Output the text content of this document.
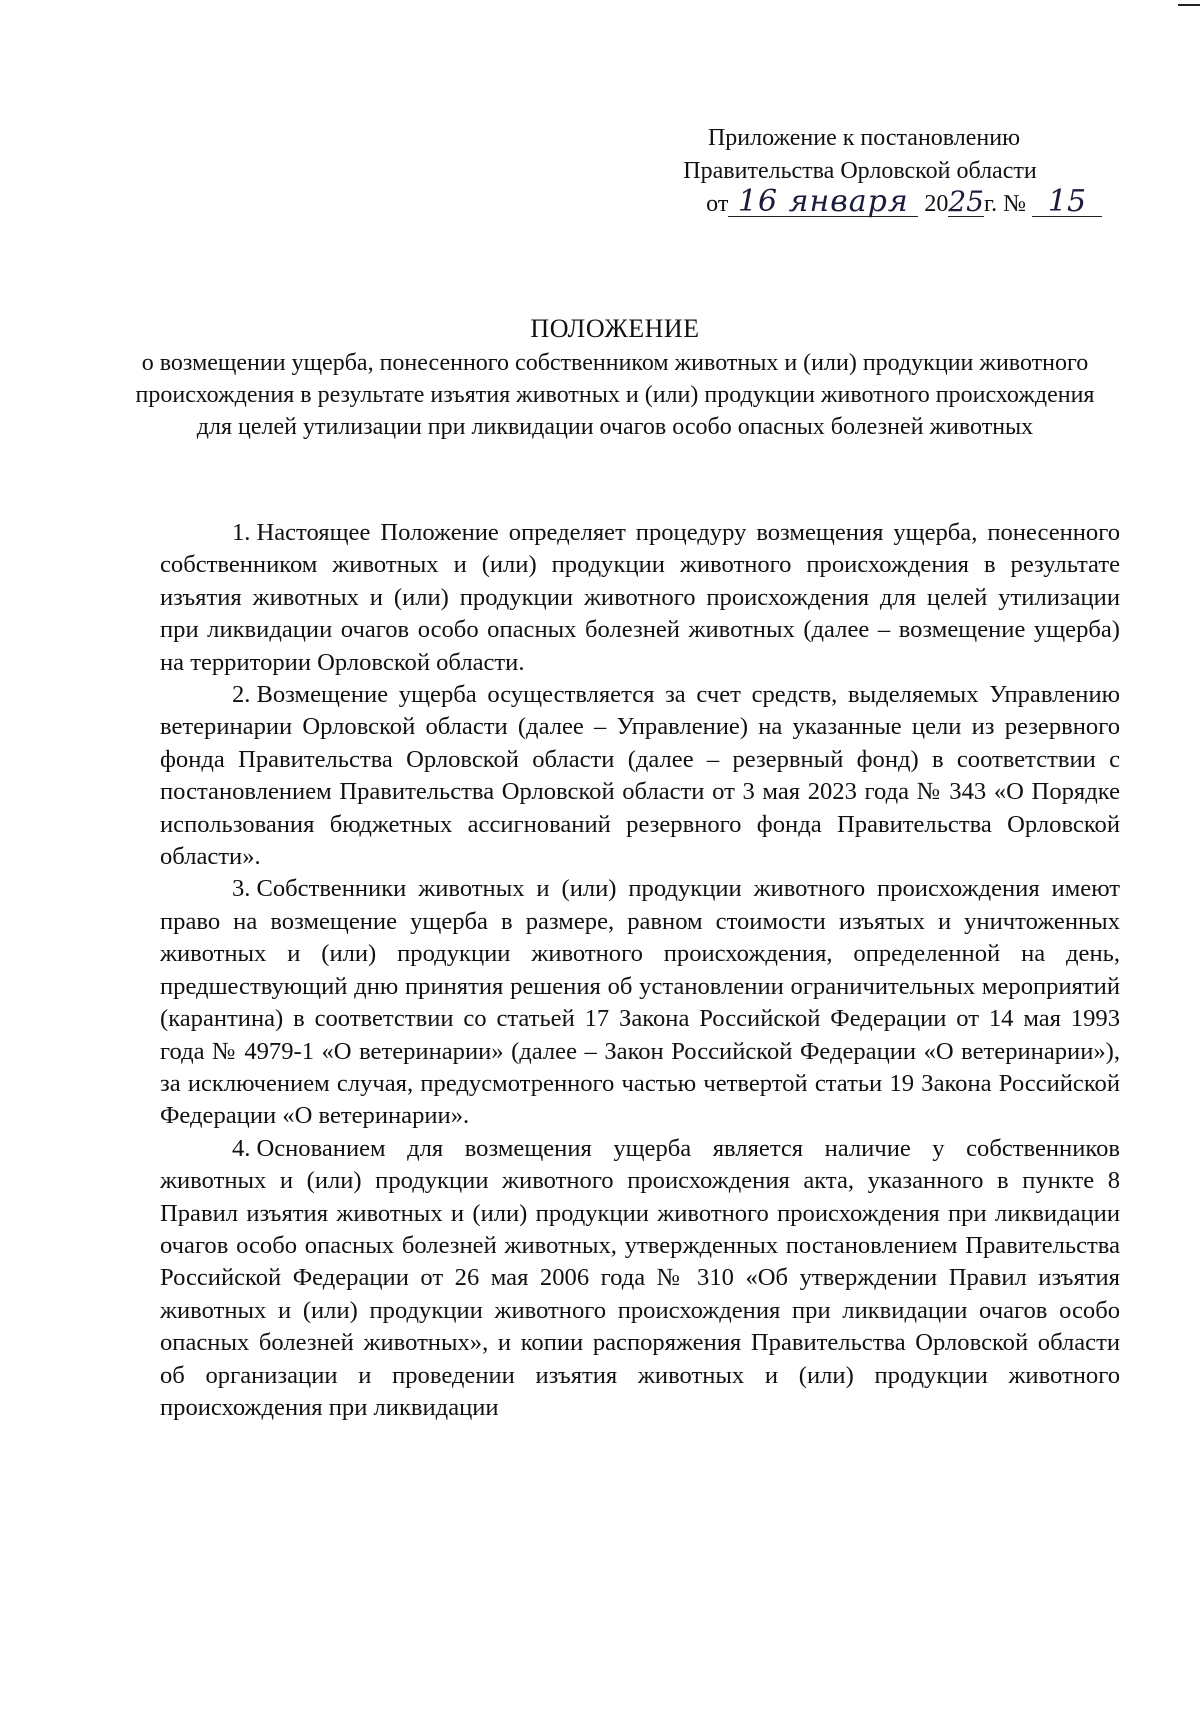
Приложение к постановлению
Правительства Орловской области
от 16 января 2025г. № 15
ПОЛОЖЕНИЕ
о возмещении ущерба, понесенного собственником животных и (или) продукции животного происхождения в результате изъятия животных и (или) продукции животного происхождения для целей утилизации при ликвидации очагов особо опасных болезней животных

1. Настоящее Положение определяет процедуру возмещения ущерба, понесенного собственником животных и (или) продукции животного происхождения в результате изъятия животных и (или) продукции животного происхождения для целей утилизации при ликвидации очагов особо опасных болезней животных (далее – возмещение ущерба) на территории Орловской области.

2. Возмещение ущерба осуществляется за счет средств, выделяемых Управлению ветеринарии Орловской области (далее – Управление) на указанные цели из резервного фонда Правительства Орловской области (далее – резервный фонд) в соответствии с постановлением Правительства Орловской области от 3 мая 2023 года № 343 «О Порядке использования бюджетных ассигнований резервного фонда Правительства Орловской области».

3. Собственники животных и (или) продукции животного происхождения имеют право на возмещение ущерба в размере, равном стоимости изъятых и уничтоженных животных и (или) продукции животного происхождения, определенной на день, предшествующий дню принятия решения об установлении ограничительных мероприятий (карантина) в соответствии со статьей 17 Закона Российской Федерации от 14 мая 1993 года № 4979-1 «О ветеринарии» (далее – Закон Российской Федерации «О ветеринарии»), за исключением случая, предусмотренного частью четвертой статьи 19 Закона Российской Федерации «О ветеринарии».

4. Основанием для возмещения ущерба является наличие у собственников животных и (или) продукции животного происхождения акта, указанного в пункте 8 Правил изъятия животных и (или) продукции животного происхождения при ликвидации очагов особо опасных болезней животных, утвержденных постановлением Правительства Российской Федерации от 26 мая 2006 года № 310 «Об утверждении Правил изъятия животных и (или) продукции животного происхождения при ликвидации очагов особо опасных болезней животных», и копии распоряжения Правительства Орловской области об организации и проведении изъятия животных и (или) продукции животного происхождения при ликвидации
